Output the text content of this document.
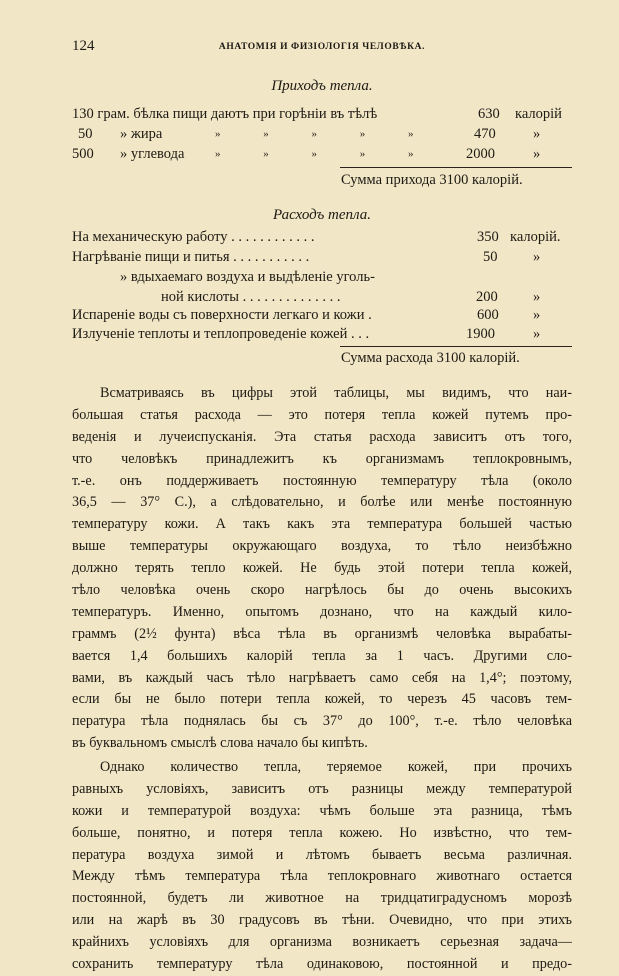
124	АНАТОМІЯ И ФИЗІОЛОГІЯ ЧЕЛОВѢКА.
Приходъ тепла.
130 грам. бѣлка пищи даютъ при горѣніи въ тѣлѣ	630 калорій
50 » жира	» » » » »	470	»
500 » углевода	» » » » »	2000	»
Сумма прихода 3100 калорій.
Расходъ тепла.
На механическую работу . . . . . . . . . . . .	350 калорій.
Нагрѣваніе пищи и питья . . . . . . . . . . .	50 »
» вдыхаемаго воздуха и выдѣленіе уголь-
ной кислоты . . . . . . . . . . . . . .	200 »
Испареніе воды съ поверхности легкаго и кожи .	600 »
Излученіе теплоты и теплопроведеніе кожей . . .	1900	»
Сумма расхода 3100 калорій.
Всматриваясь въ цифры этой таблицы, мы видимъ, что наи-
большая статья расхода — это потеря тепла кожей путемъ про-
веденія и лучеиспусканія. Эта статья расхода зависитъ отъ того,
что человѣкъ принадлежитъ къ организмамъ теплокровнымъ,
т.-е. онъ поддерживаетъ постоянную температуру тѣла (около
36,5 — 37° С.), а слѣдовательно, и болѣе или менѣе постоянную
температуру кожи. А такъ какъ эта температура большей частью
выше температуры окружающаго воздуха, то тѣло неизбѣжно
должно терять тепло кожей. Не будь этой потери тепла кожей,
тѣло человѣка очень скоро нагрѣлось бы до очень высокихъ
температуръ. Именно, опытомъ дознано, что на каждый кило-
граммъ (2½ фунта) вѣса тѣла въ организмѣ человѣка вырабаты-
вается 1,4 большихъ калорій тепла за 1 часъ. Другими сло-
вами, въ каждый часъ тѣло нагрѣваетъ само себя на 1,4°; поэтому,
если бы не было потери тепла кожей, то черезъ 45 часовъ тем-
пература тѣла поднялась бы съ 37° до 100°, т.-е. тѣло человѣка
въ буквальномъ смыслѣ слова начало бы кипѣть.
Однако количество тепла, теряемое кожей, при прочихъ
равныхъ условіяхъ, зависитъ отъ разницы между температурой
кожи и температурой воздуха: чѣмъ больше эта разница, тѣмъ
больше, понятно, и потеря тепла кожею. Но извѣстно, что тем-
пература воздуха зимой и лѣтомъ бываетъ весьма различная.
Между тѣмъ температура тѣла теплокровнаго животнаго остается
постоянной, будетъ ли животное на тридцатиградусномъ морозѣ
или на жарѣ въ 30 градусовъ въ тѣни. Очевидно, что при этихъ
крайнихъ условіяхъ для организма возникаетъ серьезная задача—
сохранить температуру тѣла одинаковою, постоянной и предо-
